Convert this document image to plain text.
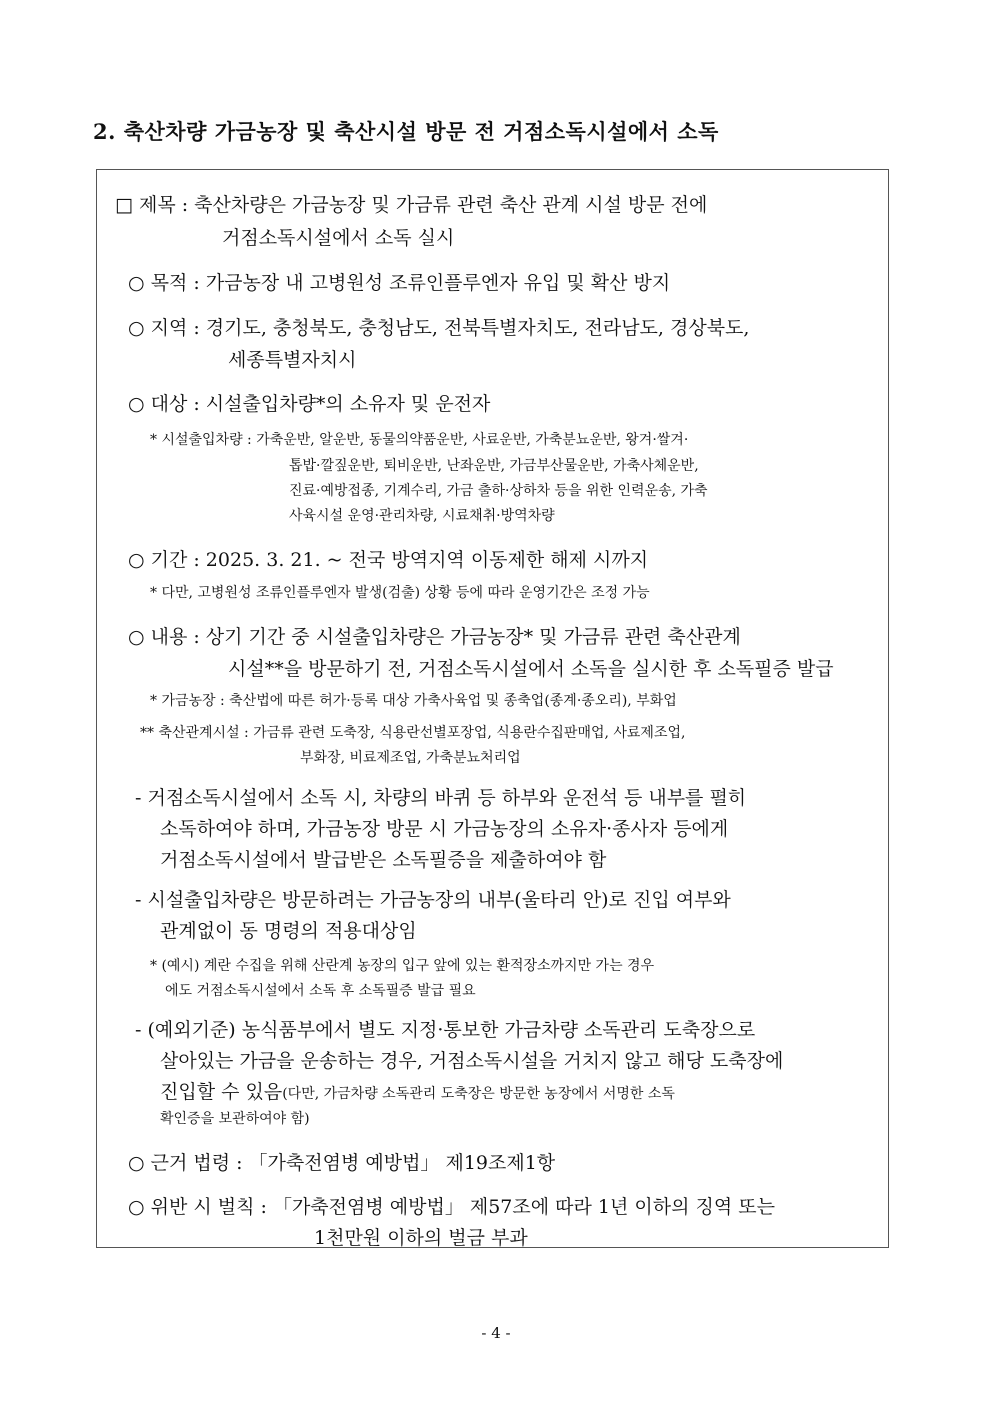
2. 축산차량 가금농장 및 축산시설 방문 전 거점소독시설에서 소독
□ 제목 : 축산차량은 가금농장 및 가금류 관련 축산 관계 시설 방문 전에
거점소독시설에서 소독 실시
○ 목적 : 가금농장 내 고병원성 조류인플루엔자 유입 및 확산 방지
○ 지역 : 경기도, 충청북도, 충청남도, 전북특별자치도, 전라남도, 경상북도,
세종특별자치시
○ 대상 : 시설출입차량*의 소유자 및 운전자
* 시설출입차량 : 가축운반, 알운반, 동물의약품운반, 사료운반, 가축분뇨운반, 왕겨·쌀겨·
톱밥·깔짚운반, 퇴비운반, 난좌운반, 가금부산물운반, 가축사체운반,
진료·예방접종, 기계수리, 가금 출하·상하차 등을 위한 인력운송, 가축
사육시설 운영·관리차량, 시료채취·방역차량
○ 기간 : 2025. 3. 21. ~ 전국 방역지역 이동제한 해제 시까지
* 다만, 고병원성 조류인플루엔자 발생(검출) 상황 등에 따라 운영기간은 조정 가능
○ 내용 : 상기 기간 중 시설출입차량은 가금농장* 및 가금류 관련 축산관계
시설**을 방문하기 전, 거점소독시설에서 소독을 실시한 후 소독필증 발급
* 가금농장 : 축산법에 따른 허가·등록 대상 가축사육업 및 종축업(종계·종오리), 부화업
** 축산관계시설 : 가금류 관련 도축장, 식용란선별포장업, 식용란수집판매업, 사료제조업,
부화장, 비료제조업, 가축분뇨처리업
- 거점소독시설에서 소독 시, 차량의 바퀴 등 하부와 운전석 등 내부를 펼히
소독하여야 하며, 가금농장 방문 시 가금농장의 소유자·종사자 등에게
거점소독시설에서 발급받은 소독필증을 제출하여야 함
- 시설출입차량은 방문하려는 가금농장의 내부(울타리 안)로 진입 여부와
관계없이 동 명령의 적용대상임
* (예시) 계란 수집을 위해 산란계 농장의 입구 앞에 있는 환적장소까지만 가는 경우
에도 거점소독시설에서 소독 후 소독필증 발급 필요
- (예외기준) 농식품부에서 별도 지정·통보한 가금차량 소독관리 도축장으로
살아있는 가금을 운송하는 경우, 거점소독시설을 거치지 않고 해당 도축장에
진입할 수 있음(다만, 가금차량 소독관리 도축장은 방문한 농장에서 서명한 소독
확인증을 보관하여야 함)
○ 근거 법령 : 「가축전염병 예방법」 제19조제1항
○ 위반 시 벌칙 : 「가축전염병 예방법」 제57조에 따라 1년 이하의 징역 또는
1천만원 이하의 벌금 부과
- 4 -
